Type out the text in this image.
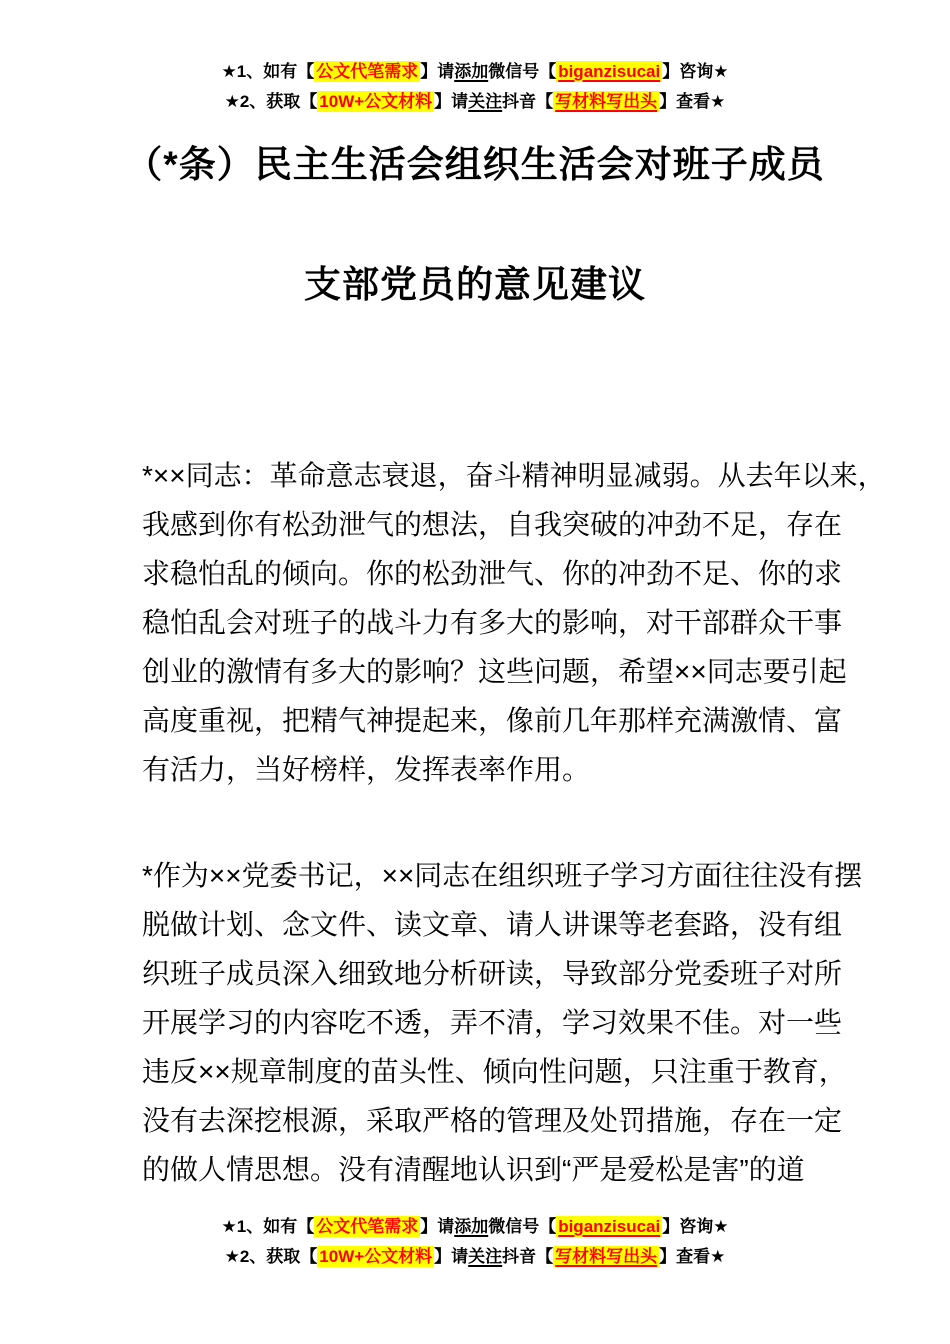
★1、如有【 公文代笔需求 】请添加微信号【 biganzisucai 】咨询★
★2、获取【 10W+公文材料 】请关注抖音【 写材料写出头 】查看★
（*条）民主生活会组织生活会对班子成员
支部党员的意见建议

*××同志：革命意志衰退，奋斗精神明显减弱。从去年以来，
我感到你有松劲泄气的想法，自我突破的冲劲不足，存在
求稳怕乱的倾向。你的松劲泄气、你的冲劲不足、你的求
稳怕乱会对班子的战斗力有多大的影响，对干部群众干事
创业的激情有多大的影响？这些问题，希望××同志要引起
高度重视，把精气神提起来，像前几年那样充满激情、富
有活力，当好榜样，发挥表率作用。

*作为××党委书记，××同志在组织班子学习方面往往没有摆
脱做计划、念文件、读文章、请人讲课等老套路，没有组
织班子成员深入细致地分析研读，导致部分党委班子对所
开展学习的内容吃不透，弄不清，学习效果不佳。对一些
违反××规章制度的苗头性、倾向性问题，只注重于教育，
没有去深挖根源，采取严格的管理及处罚措施，存在一定
的做人情思想。没有清醒地认识到“严是爱松是害”的道

★1、如有【 公文代笔需求 】请添加微信号【 biganzisucai 】咨询★
★2、获取【 10W+公文材料 】请关注抖音【 写材料写出头 】查看★
